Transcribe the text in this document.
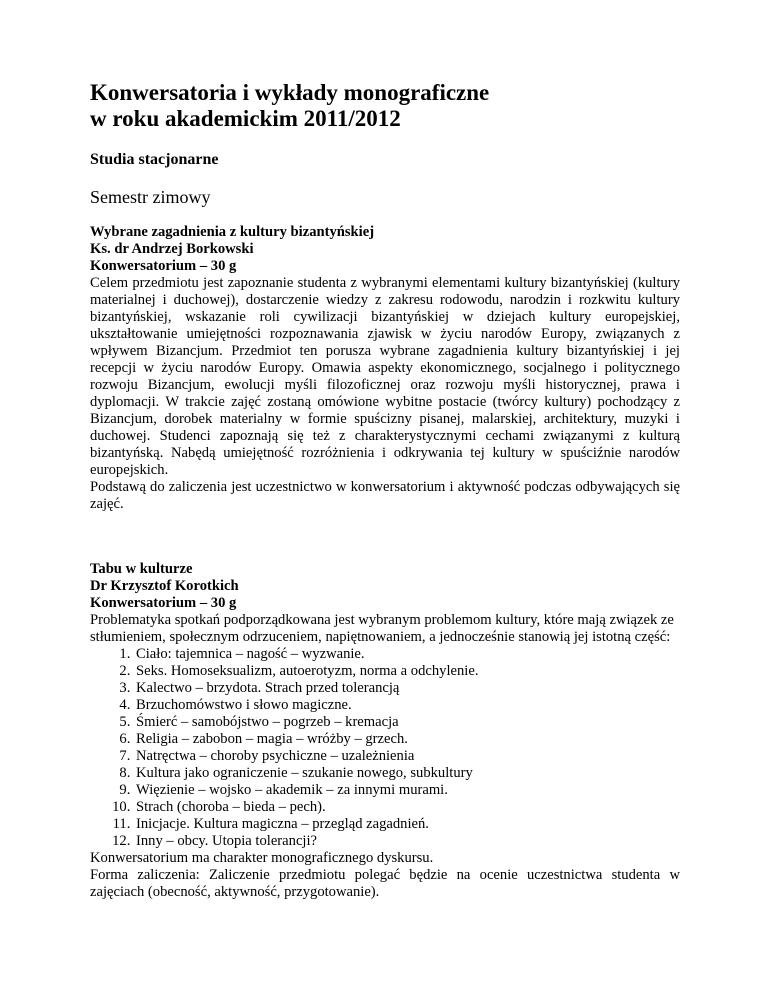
Konwersatoria i wykłady monograficzne
w roku akademickim 2011/2012
Studia stacjonarne
Semestr zimowy
Wybrane zagadnienia z kultury bizantyńskiej
Ks. dr Andrzej Borkowski
Konwersatorium – 30 g

Celem przedmiotu jest zapoznanie studenta z wybranymi elementami kultury bizantyńskiej (kultury materialnej i duchowej), dostarczenie wiedzy z zakresu rodowodu, narodzin i rozkwitu kultury bizantyńskiej, wskazanie roli cywilizacji bizantyńskiej w dziejach kultury europejskiej, ukształtowanie umiejętności rozpoznawania zjawisk w życiu narodów Europy, związanych z wpływem Bizancjum. Przedmiot ten porusza wybrane zagadnienia kultury bizantyńskiej i jej recepcji w życiu narodów Europy. Omawia aspekty ekonomicznego, socjalnego i politycznego rozwoju Bizancjum, ewolucji myśli filozoficznej oraz rozwoju myśli historycznej, prawa i dyplomacji. W trakcie zajęć zostaną omówione wybitne postacie (twórcy kultury) pochodzący z Bizancjum, dorobek materialny w formie spuścizny pisanej, malarskiej, architektury, muzyki i duchowej. Studenci zapoznają się też z charakterystycznymi cechami związanymi z kulturą bizantyńską. Nabędą umiejętność rozróżnienia i odkrywania tej kultury w spuściźnie narodów europejskich.

Podstawą do zaliczenia jest uczestnictwo w konwersatorium i aktywność podczas odbywających się zajęć.

Tabu w kulturze
Dr Krzysztof Korotkich
Konwersatorium – 30 g

Problematyka spotkań podporządkowana jest wybranym problemom kultury, które mają związek ze stłumieniem, społecznym odrzuceniem, napiętnowaniem, a jednocześnie stanowią jej istotną część:

1. Ciało: tajemnica – nagość – wyzwanie.
2. Seks. Homoseksualizm, autoerotyzm, norma a odchylenie.
3. Kalectwo – brzydota. Strach przed tolerancją
4. Brzuchomówstwo i słowo magiczne.
5. Śmierć – samobójstwo – pogrzeb – kremacja
6. Religia – zabobon – magia – wróżby – grzech.
7. Natręctwa – choroby psychiczne – uzależnienia
8. Kultura jako ograniczenie – szukanie nowego, subkultury
9. Więzienie – wojsko – akademik – za innymi murami.
10. Strach (choroba – bieda – pech).
11. Inicjacje. Kultura magiczna – przegląd zagadnień.
12. Inny – obcy. Utopia tolerancji?

Konwersatorium ma charakter monograficznego dyskursu.

Forma zaliczenia: Zaliczenie przedmiotu polegać będzie na ocenie uczestnictwa studenta w zajęciach (obecność, aktywność, przygotowanie).
